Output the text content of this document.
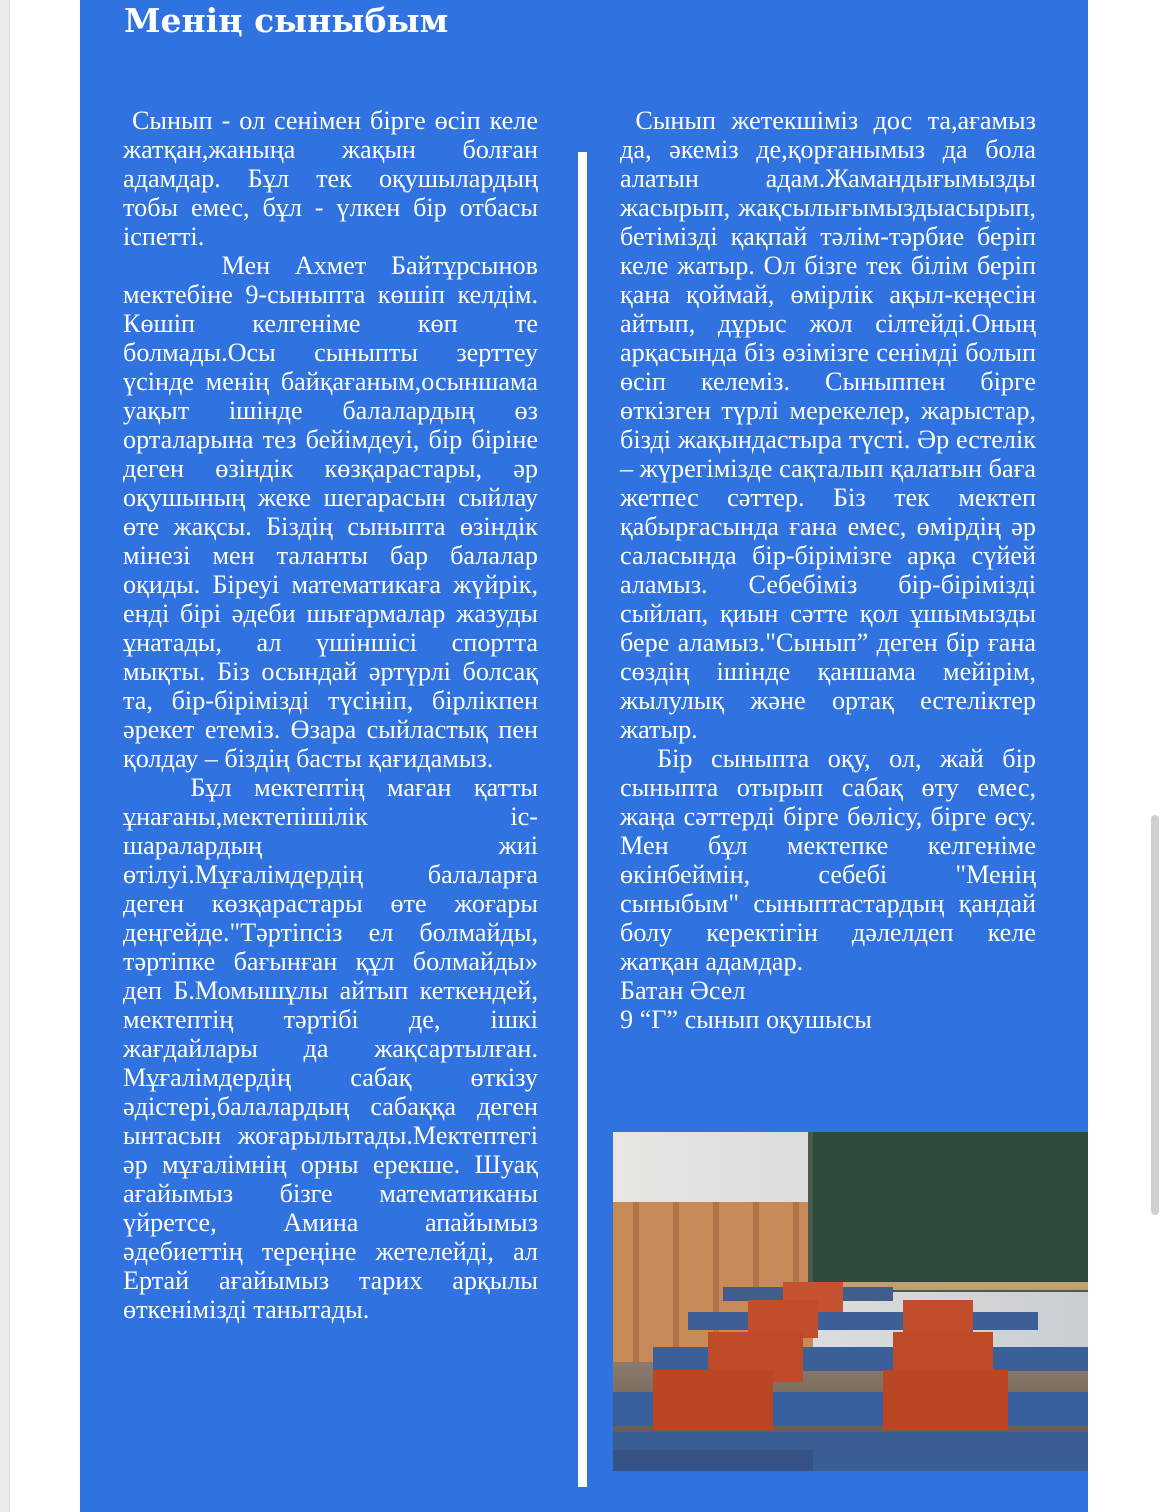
Менің сыныбым

Сынып - ол сенімен бірге өсіп келе жатқан,жаныңа жақын болған адамдар. Бұл тек оқушылардың тобы емес, бұл - үлкен бір отбасы іспетті.

Мен Ахмет Байтұрсынов мектебіне 9-сыныпта көшіп келдім. Көшіп келгеніме көп те болмады.Осы сыныпты зерттеу үсінде менің байқағаным,осыншама уақыт ішінде балалардың өз орталарына тез бейімдеуі, бір біріне деген өзіндік көзқарастары, әр оқушының жеке шегарасын сыйлау өте жақсы. Біздің сыныпта өзіндік мінезі мен таланты бар балалар оқиды. Біреуі математикаға жүйрік, енді бірі әдеби шығармалар жазуды ұнатады, ал үшіншісі спортта мықты. Біз осындай әртүрлі болсақ та, бір-бірімізді түсініп, бірлікпен әрекет етеміз. Өзара сыйластық пен қолдау – біздің басты қағидамыз.

Бұл мектептің маған қатты ұнағаны,мектепішілік іс-шаралардың жиі өтілуі.Мұғалімдердің балаларға деген көзқарастары өте жоғары деңгейде."Тәртіпсіз ел болмайды, тәртіпке бағынған құл болмайды» деп Б.Момышұлы айтып кеткендей, мектептің тәртібі де, ішкі жағдайлары да жақсартылған. Мұғалімдердің сабақ өткізу әдістері,балалардың сабаққа деген ынтасын жоғарылытады.Мектептегі әр мұғалімнің орны ерекше. Шуақ ағайымыз бізге математиканы үйретсе, Амина апайымыз әдебиеттің тереңіне жетелейді, ал Ертай ағайымыз тарих арқылы өткенімізді танытады.

Сынып жетекшіміз дос та,ағамыз да, әкеміз де,қорғанымыз да бола алатын адам.Жамандығымызды жасырып, жақсылығымыздыасырып, бетімізді қақпай тәлім-тәрбие беріп келе жатыр. Ол бізге тек білім беріп қана қоймай, өмірлік ақыл-кеңесін айтып, дұрыс жол сілтейді.Оның арқасында біз өзімізге сенімді болып өсіп келеміз. Сыныппен бірге өткізген түрлі мерекелер, жарыстар, бізді жақындастыра түсті. Әр естелік – жүрегімізде сақталып қалатын баға жетпес сәттер. Біз тек мектеп қабырғасында ғана емес, өмірдің әр саласында бір-бірімізге арқа сүйей аламыз. Себебіміз бір-бірімізді сыйлап, қиын сәтте қол ұшымызды бере аламыз."Сынып” деген бір ғана сөздің ішінде қаншама мейірім, жылулық және ортақ естеліктер жатыр.

Бір сыныпта оқу, ол, жай бір сыныпта отырып сабақ өту емес, жаңа сәттерді бірге бөлісу, бірге өсу. Мен бұл мектепке келгеніме өкінбеймін, себебі "Менің сыныбым" сыныптастардың қандай болу керектігін дәлелдеп келе жатқан адамдар.

Батан Әсел

9 “Г” сынып оқушысы
